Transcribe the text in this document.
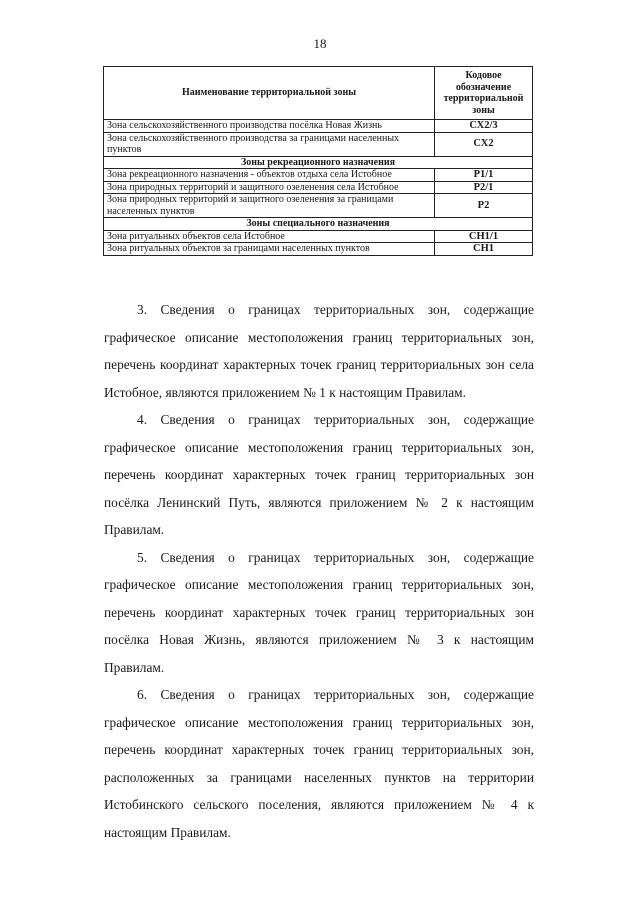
18
Наименование территориальной зоны	Кодовое обозначение территориальной зоны
Зона сельскохозяйственного производства посёлка Новая Жизнь	СХ2/3
Зона сельскохозяйственного производства за границами населенных пунктов	СХ2
Зоны рекреационного назначения	
Зона рекреационного назначения - объектов отдыха села Истобное	Р1/1
Зона природных территорий и защитного озеленения села Истобное	Р2/1
Зона природных территорий и защитного озеленения за границами населенных пунктов	Р2
Зоны специального назначения	
Зона ритуальных объектов села Истобное	СН1/1
Зона ритуальных объектов за границами населенных пунктов	СН1

3. Сведения о границах территориальных зон, содержащие графическое описание местоположения границ территориальных зон, перечень координат характерных точек границ территориальных зон села Истобное, являются приложением № 1 к настоящим Правилам.

4. Сведения о границах территориальных зон, содержащие графическое описание местоположения границ территориальных зон, перечень координат характерных точек границ территориальных зон посёлка Ленинский Путь, являются приложением № 2 к настоящим Правилам.

5. Сведения о границах территориальных зон, содержащие графическое описание местоположения границ территориальных зон, перечень координат характерных точек границ территориальных зон посёлка Новая Жизнь, являются приложением № 3 к настоящим Правилам.

6. Сведения о границах территориальных зон, содержащие графическое описание местоположения границ территориальных зон, перечень координат характерных точек границ территориальных зон, расположенных за границами населенных пунктов на территории Истобинского сельского поселения, являются приложением № 4 к настоящим Правилам.
